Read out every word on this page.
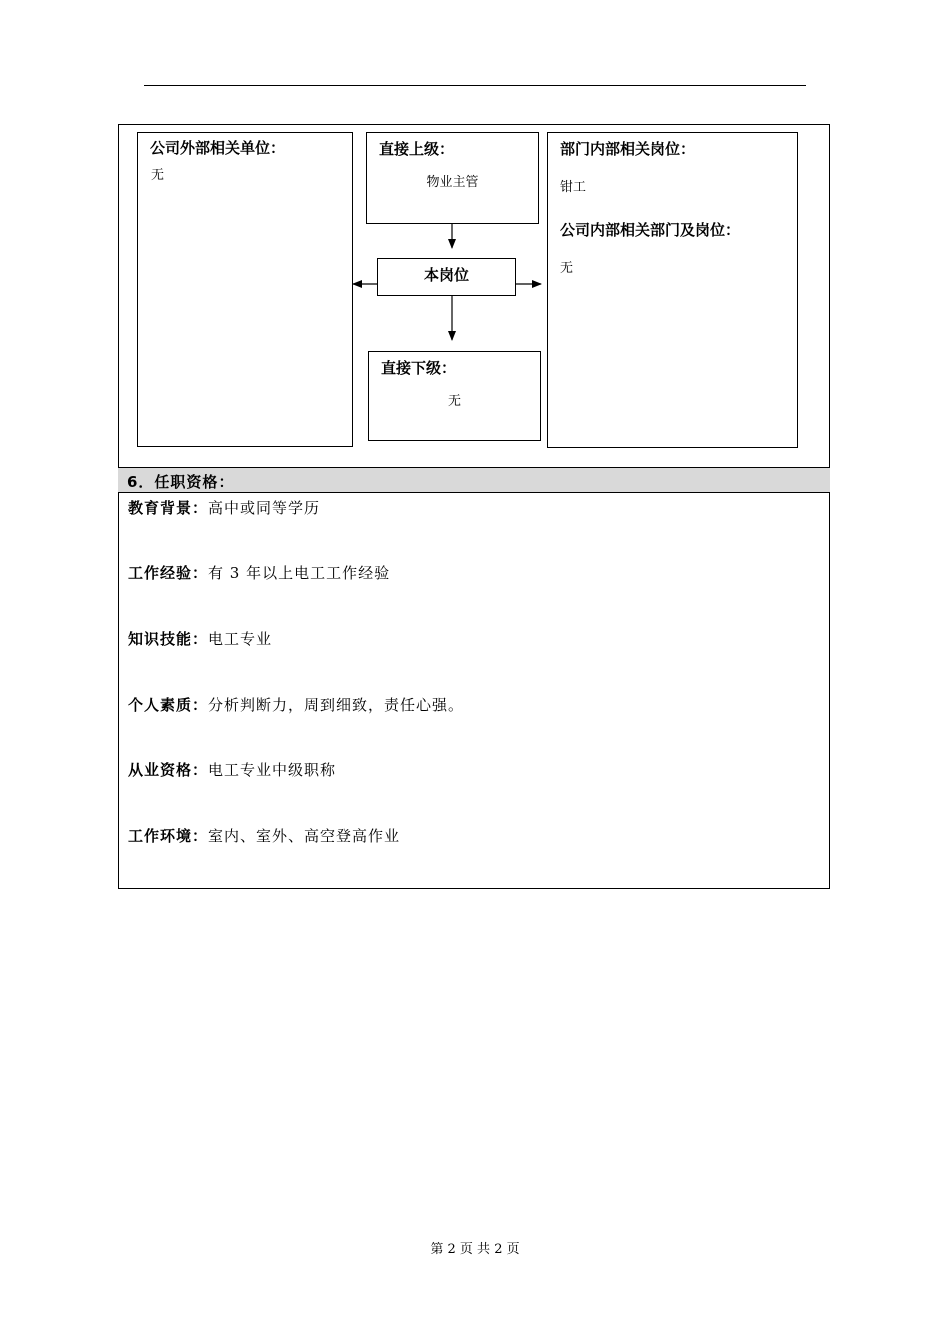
公司外部相关单位：
无
直接上级：
物业主管
本岗位
直接下级：
无
部门内部相关岗位：
钳工
公司内部相关部门及岗位：
无
6．任职资格：
教育背景：高中或同等学历
工作经验：有 3 年以上电工工作经验
知识技能：电工专业
个人素质：分析判断力，周到细致，责任心强。
从业资格：电工专业中级职称
工作环境：室内、室外、高空登高作业
第 2 页 共 2 页
